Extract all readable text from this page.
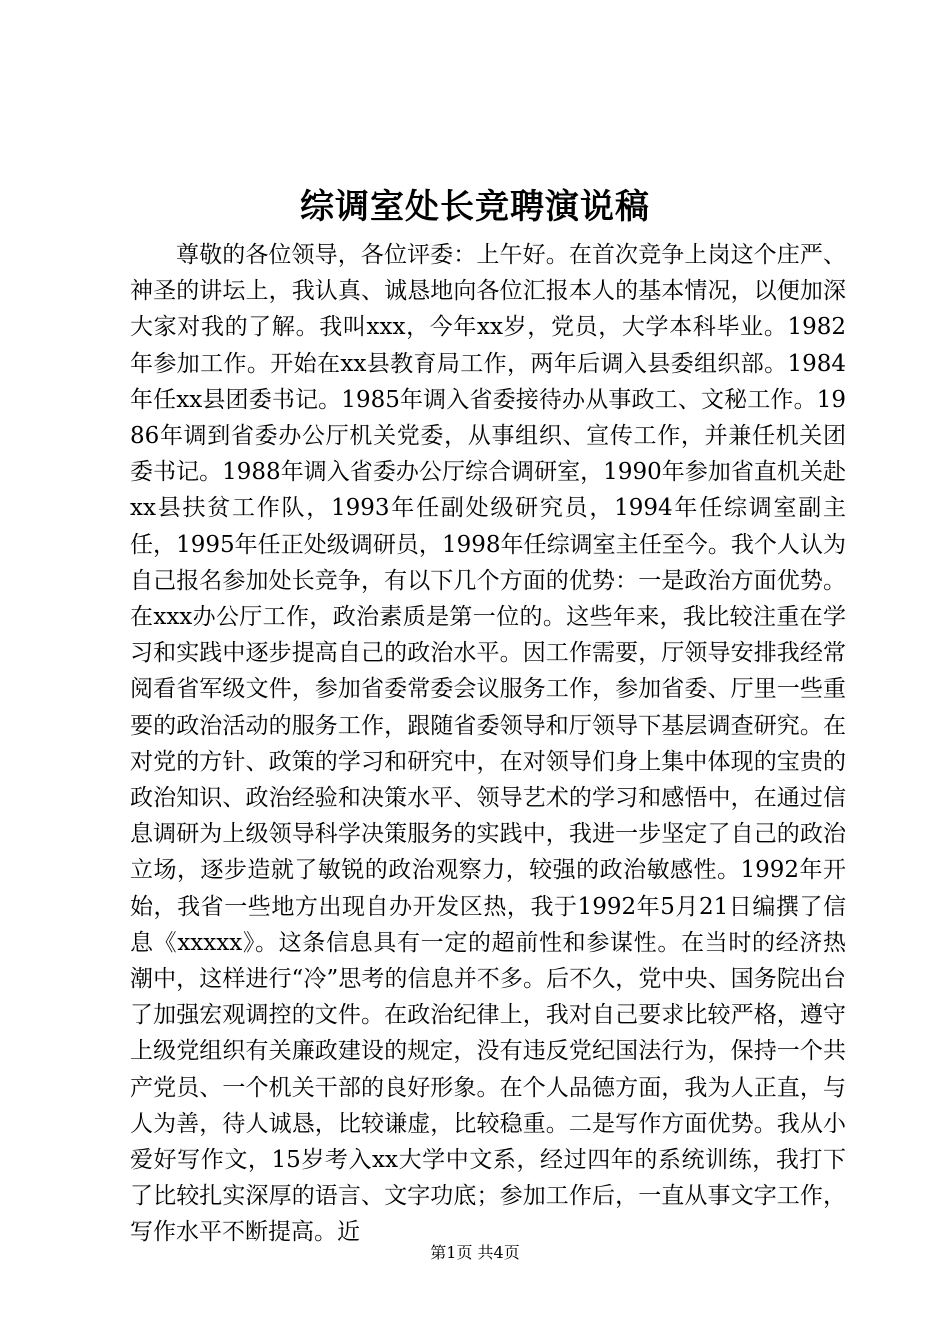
综调室处长竞聘演说稿

尊敬的各位领导，各位评委：上午好。在首次竞争上岗这个庄严、神圣的讲坛上，我认真、诚恳地向各位汇报本人的基本情况，以便加深大家对我的了解。我叫xxx，今年xx岁，党员，大学本科毕业。1982年参加工作。开始在xx县教育局工作，两年后调入县委组织部。1984年任xx县团委书记。1985年调入省委接待办从事政工、文秘工作。1986年调到省委办公厅机关党委，从事组织、宣传工作，并兼任机关团委书记。1988年调入省委办公厅综合调研室，1990年参加省直机关赴xx县扶贫工作队，1993年任副处级研究员，1994年任综调室副主任，1995年任正处级调研员，1998年任综调室主任至今。我个人认为自己报名参加处长竞争，有以下几个方面的优势：一是政治方面优势。在xxx办公厅工作，政治素质是第一位的。这些年来，我比较注重在学习和实践中逐步提高自己的政治水平。因工作需要，厅领导安排我经常阅看省军级文件，参加省委常委会议服务工作，参加省委、厅里一些重要的政治活动的服务工作，跟随省委领导和厅领导下基层调查研究。在对党的方针、政策的学习和研究中，在对领导们身上集中体现的宝贵的政治知识、政治经验和决策水平、领导艺术的学习和感悟中，在通过信息调研为上级领导科学决策服务的实践中，我进一步坚定了自己的政治立场，逐步造就了敏锐的政治观察力，较强的政治敏感性。1992年开始，我省一些地方出现自办开发区热，我于1992年5月21日编撰了信息《xxxxx》。这条信息具有一定的超前性和参谋性。在当时的经济热潮中，这样进行“冷”思考的信息并不多。后不久，党中央、国务院出台了加强宏观调控的文件。在政治纪律上，我对自己要求比较严格，遵守上级党组织有关廉政建设的规定，没有违反党纪国法行为，保持一个共产党员、一个机关干部的良好形象。在个人品德方面，我为人正直，与人为善，待人诚恳，比较谦虚，比较稳重。二是写作方面优势。我从小爱好写作文，15岁考入xx大学中文系，经过四年的系统训练，我打下了比较扎实深厚的语言、文字功底；参加工作后，一直从事文字工作，写作水平不断提高。近

第1页 共4页
